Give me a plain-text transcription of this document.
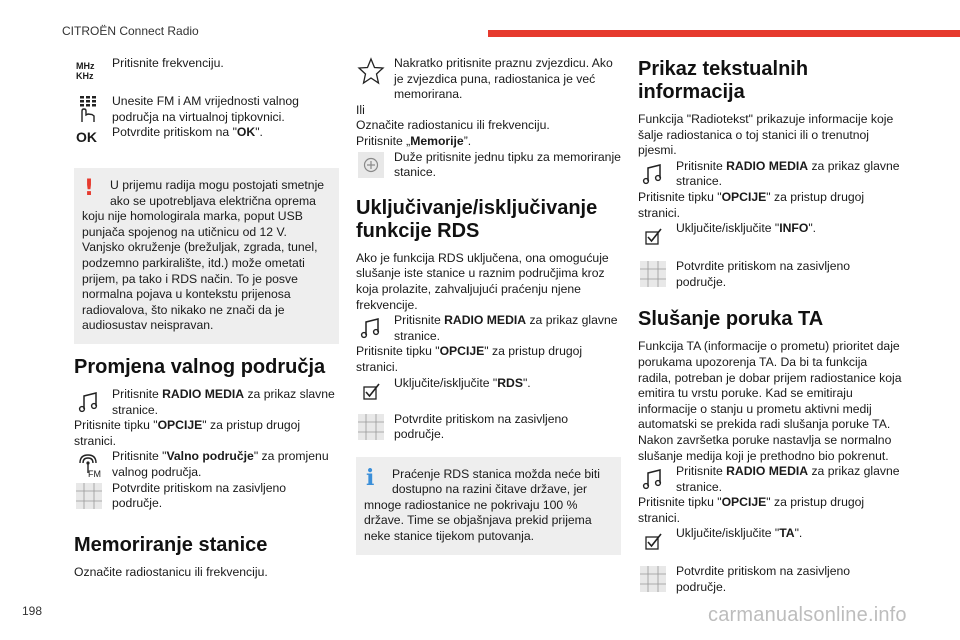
CITROËN Connect Radio
MHz
KHz
Pritisnite frekvenciju.
OK
Unesite FM i AM vrijednosti valnog područja na virtualnoj tipkovnici.
Potvrdite pritiskom na "OK".
!	U prijemu radija mogu postojati smetnje ako se upotrebljava električna oprema
koju nije homologirala marka, poput USB punjača spojenog na utičnicu od 12 V. Vanjsko okruženje (brežuljak, zgrada, tunel, podzemno parkiralište, itd.) može ometati prijem, pa tako i RDS način. To je posve normalna pojava u kontekstu prijenosa radiovalova, što nikako ne znači da je audiosustav neispravan.
Promjena valnog područja
Pritisnite RADIO MEDIA za prikaz slavne stranice.
Pritisnite tipku "OPCIJE" za pristup drugoj stranici.
FM
Pritisnite "Valno područje" za promjenu valnog područja.
Potvrdite pritiskom na zasivljeno područje.
Memoriranje stanice
Označite radiostanicu ili frekvenciju.
Nakratko pritisnite praznu zvjezdicu. Ako je zvjezdica puna, radiostanica je već memorirana.
Ili
Označite radiostanicu ili frekvenciju.
Pritisnite „Memorije”.
Duže pritisnite jednu tipku za memoriranje stanice.
Uključivanje/isključivanje funkcije RDS
Ako je funkcija RDS uključena, ona omogućuje slušanje iste stanice u raznim područjima kroz koja prolazite, zahvaljujući praćenju njene frekvencije.
Pritisnite RADIO MEDIA za prikaz glavne stranice.
Pritisnite tipku "OPCIJE" za pristup drugoj stranici.
Uključite/isključite "RDS".
Potvrdite pritiskom na zasivljeno područje.
i	Praćenje RDS stanica možda neće biti dostupno na razini čitave države, jer
mnoge radiostanice ne pokrivaju 100 % države. Time se objašnjava prekid prijema neke stanice tijekom putovanja.
Prikaz tekstualnih informacija
Funkcija "Radiotekst" prikazuje informacije koje šalje radiostanica o toj stanici ili o trenutnoj pjesmi.
Pritisnite RADIO MEDIA za prikaz glavne stranice.
Pritisnite tipku "OPCIJE" za pristup drugoj stranici.
Uključite/isključite "INFO".
Potvrdite pritiskom na zasivljeno područje.
Slušanje poruka TA
Funkcija TA (informacije o prometu) prioritet daje porukama upozorenja TA. Da bi ta funkcija radila, potreban je dobar prijem radiostanice koja emitira tu vrstu poruke. Kad se emitiraju informacije o stanju u prometu aktivni medij automatski se prekida radi slušanja poruke TA. Nakon završetka poruke nastavlja se normalno slušanje medija koji je prethodno bio pokrenut.
Pritisnite RADIO MEDIA za prikaz glavne stranice.
Pritisnite tipku "OPCIJE" za pristup drugoj stranici.
Uključite/isključite "TA".
Potvrdite pritiskom na zasivljeno područje.
198	carmanualsonline.info
